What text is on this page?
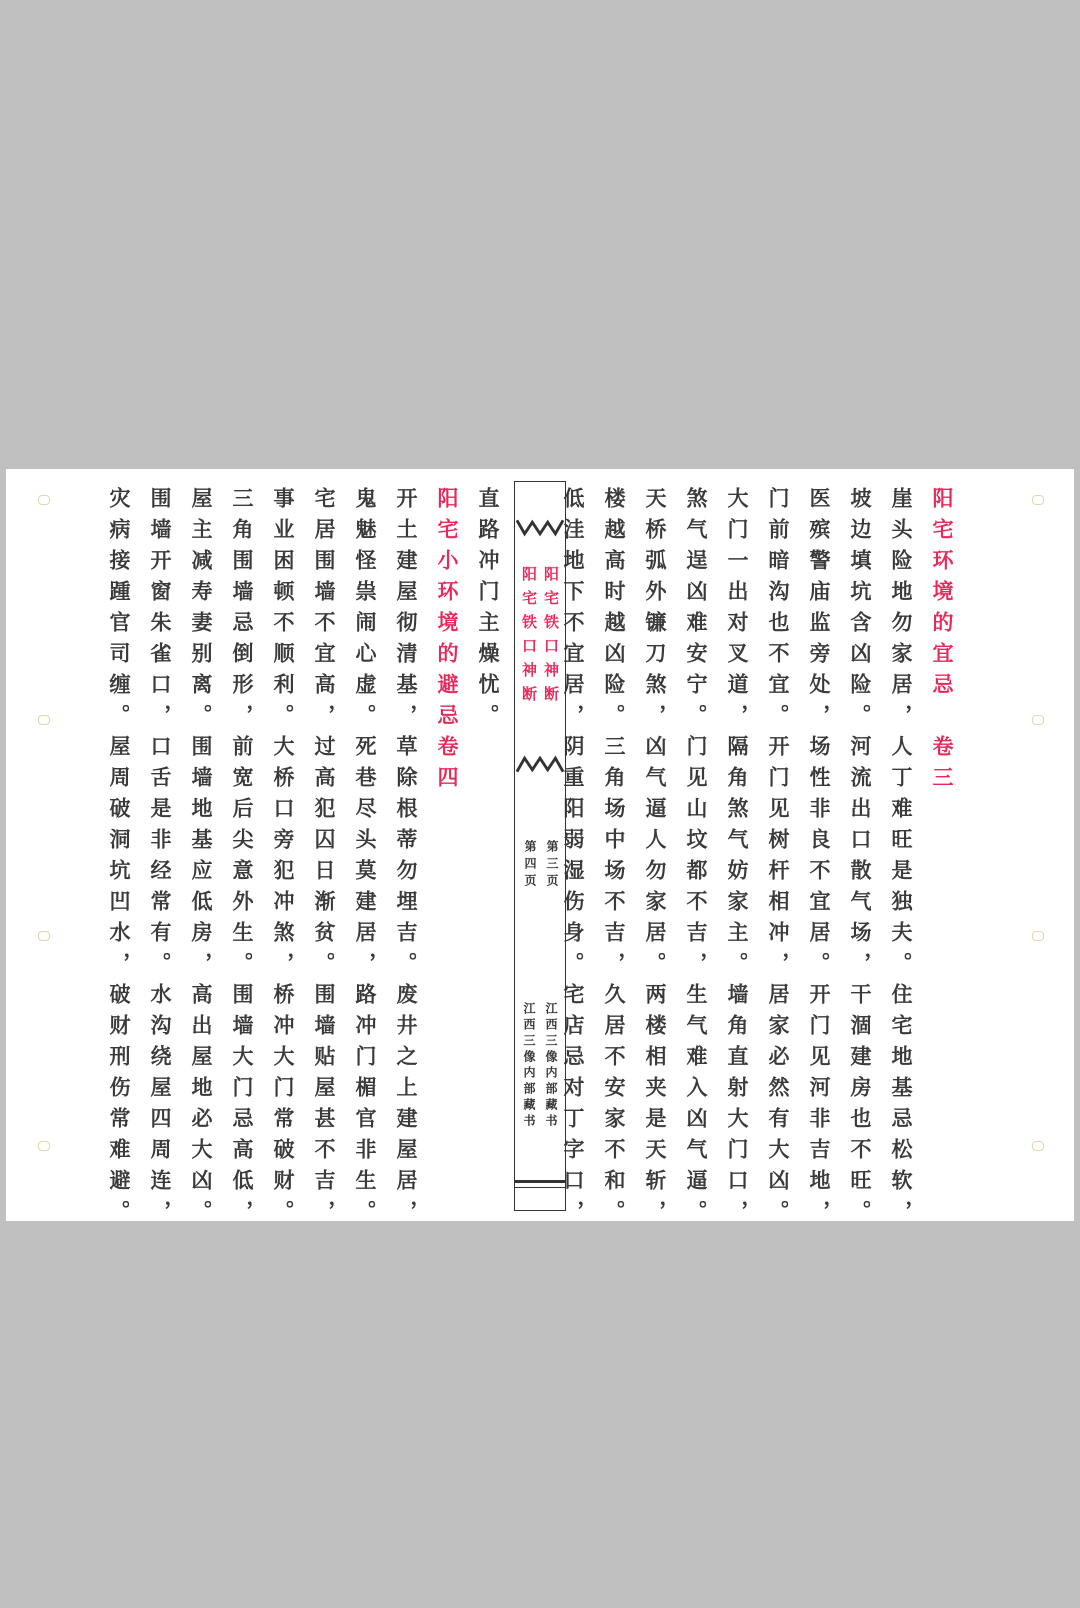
阳宅环境的宜忌　卷三
崖头险地勿家居，人丁难旺是独夫。住宅地基忌松软，
坡边填坑含凶险。河流出口散气场，干涸建房也不旺。
医殡警庙监旁处，场性非良不宜居。开门见河非吉地，
门前暗沟也不宜。开门见树杆相冲，居家必然有大凶。
大门一出对叉道，隔角煞气妨家主。墙角直射大门口，
煞气逞凶难安宁。门见山坟都不吉，生气难入凶气逼。
天桥弧外镰刀煞，凶气逼人勿家居。两楼相夹是天斩，
楼越高时越凶险。三角场中场不吉，久居不安家不和。
低洼地下不宜居，阴重阳弱湿伤身。宅店忌对丁字口，
阳宅铁口神断
阳宅铁口神断
第三页
第四页
江西三像内部藏书
江西三像内部藏书
直路冲门主燥忧。
阳宅小环境的避忌卷四
开土建屋彻清基，草除根蒂勿埋吉。废井之上建屋居，
鬼魅怪祟闹心虚。死巷尽头莫建居，路冲门楣官非生。
宅居围墙不宜高，过高犯囚日渐贫。围墙贴屋甚不吉，
事业困顿不顺利。大桥口旁犯冲煞，桥冲大门常破财。
三角围墙忌倒形，前宽后尖意外生。围墙大门忌高低，
屋主减寿妻别离。围墙地基应低房，高出屋地必大凶。
围墙开窗朱雀口，口舌是非经常有。水沟绕屋四周连，
灾病接踵官司缠。屋周破洞坑凹水，破财刑伤常难避。
